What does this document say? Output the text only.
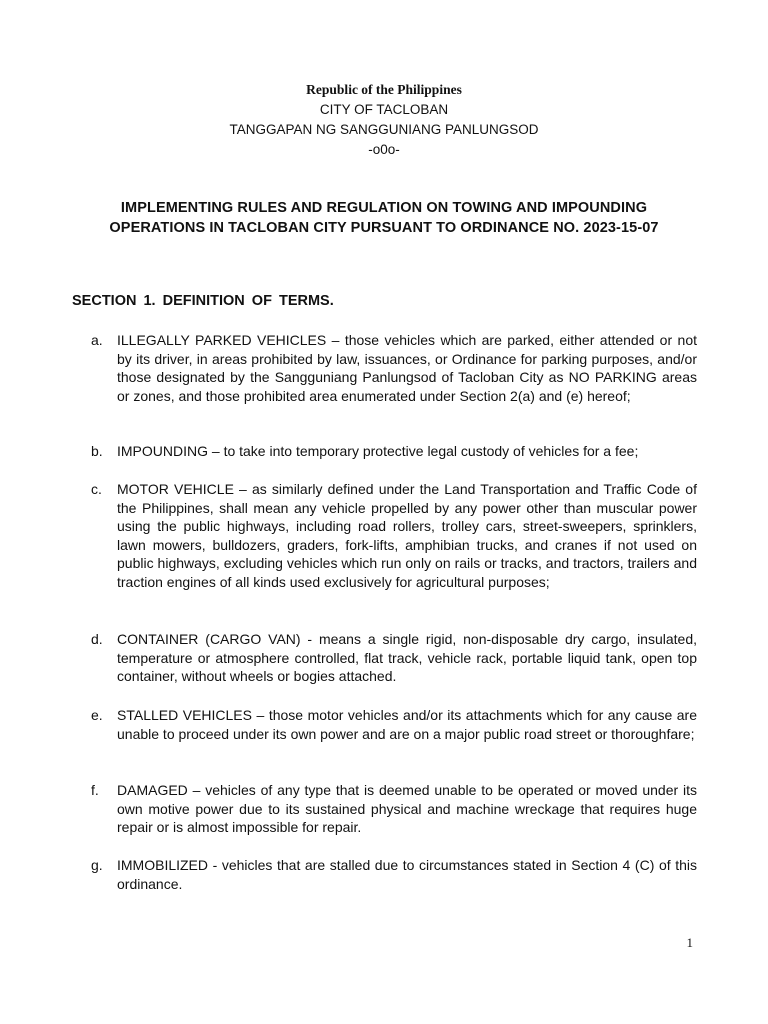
Republic of the Philippines
CITY OF TACLOBAN
TANGGAPAN NG SANGGUNIANG PANLUNGSOD
-o0o-
IMPLEMENTING RULES AND REGULATION ON TOWING AND IMPOUNDING
OPERATIONS IN TACLOBAN CITY PURSUANT TO ORDINANCE NO. 2023-15-07
SECTION 1. DEFINITION OF TERMS.
a.	ILLEGALLY PARKED VEHICLES – those vehicles which are parked, either attended or not by its driver, in areas prohibited by law, issuances, or Ordinance for parking purposes, and/or those designated by the Sangguniang Panlungsod of Tacloban City as NO PARKING areas or zones, and those prohibited area enumerated under Section 2(a) and (e) hereof;
b.	IMPOUNDING – to take into temporary protective legal custody of vehicles for a fee;
c.	MOTOR VEHICLE – as similarly defined under the Land Transportation and Traffic Code of the Philippines, shall mean any vehicle propelled by any power other than muscular power using the public highways, including road rollers, trolley cars, street-sweepers, sprinklers, lawn mowers, bulldozers, graders, fork-lifts, amphibian trucks, and cranes if not used on public highways, excluding vehicles which run only on rails or tracks, and tractors, trailers and traction engines of all kinds used exclusively for agricultural purposes;
d.	CONTAINER (CARGO VAN) - means a single rigid, non-disposable dry cargo, insulated, temperature or atmosphere controlled, flat track, vehicle rack, portable liquid tank, open top container, without wheels or bogies attached.
e.	STALLED VEHICLES – those motor vehicles and/or its attachments which for any cause are unable to proceed under its own power and are on a major public road street or thoroughfare;
f.	DAMAGED – vehicles of any type that is deemed unable to be operated or moved under its own motive power due to its sustained physical and machine wreckage that requires huge repair or is almost impossible for repair.
g.	IMMOBILIZED - vehicles that are stalled due to circumstances stated in Section 4 (C) of this ordinance.
1
